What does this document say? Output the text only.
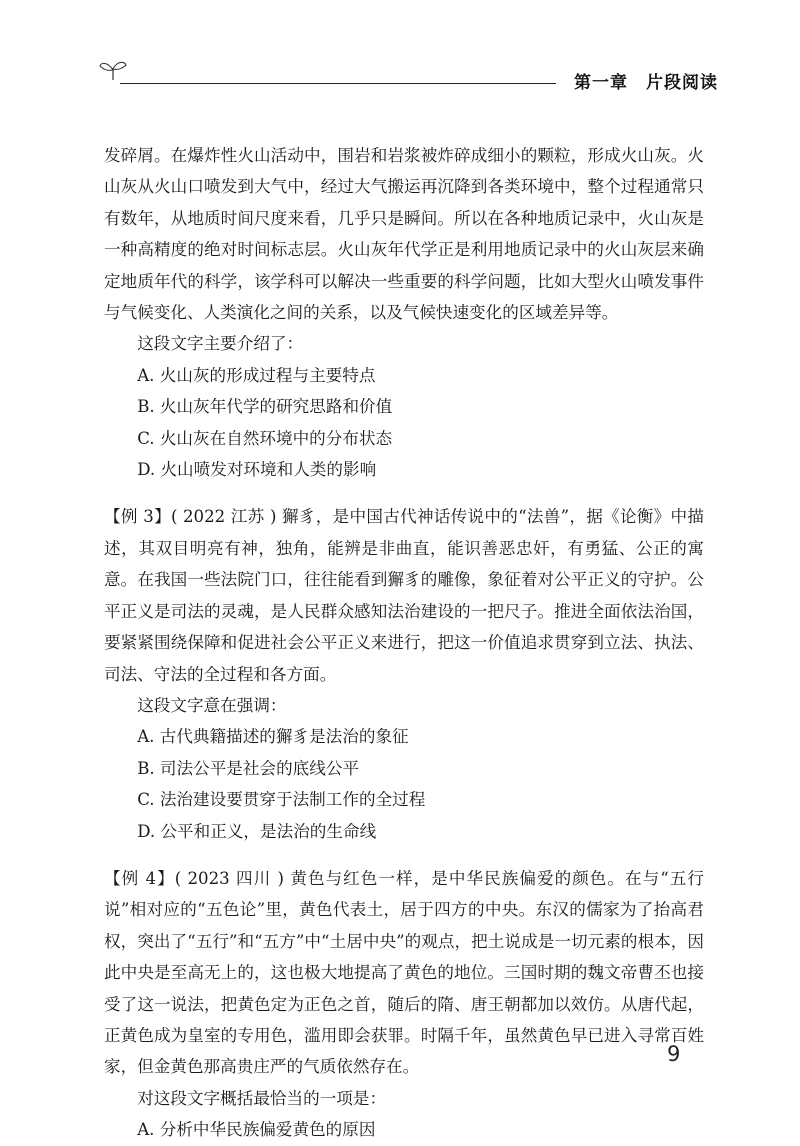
第一章　片段阅读

发碎屑。在爆炸性火山活动中，围岩和岩浆被炸碎成细小的颗粒，形成火山灰。火山灰从火山口喷发到大气中，经过大气搬运再沉降到各类环境中，整个过程通常只有数年，从地质时间尺度来看，几乎只是瞬间。所以在各种地质记录中，火山灰是一种高精度的绝对时间标志层。火山灰年代学正是利用地质记录中的火山灰层来确定地质年代的科学，该学科可以解决一些重要的科学问题，比如大型火山喷发事件与气候变化、人类演化之间的关系，以及气候快速变化的区域差异等。

这段文字主要介绍了：

A. 火山灰的形成过程与主要特点

B. 火山灰年代学的研究思路和价值

C. 火山灰在自然环境中的分布状态

D. 火山喷发对环境和人类的影响

【例 3】( 2022 江苏 ) 獬豸，是中国古代神话传说中的“法兽”，据《论衡》中描述，其双目明亮有神，独角，能辨是非曲直，能识善恶忠奸，有勇猛、公正的寓意。在我国一些法院门口，往往能看到獬豸的雕像，象征着对公平正义的守护。公平正义是司法的灵魂，是人民群众感知法治建设的一把尺子。推进全面依法治国，要紧紧围绕保障和促进社会公平正义来进行，把这一价值追求贯穿到立法、执法、司法、守法的全过程和各方面。

这段文字意在强调：

A. 古代典籍描述的獬豸是法治的象征

B. 司法公平是社会的底线公平

C. 法治建设要贯穿于法制工作的全过程

D. 公平和正义，是法治的生命线

【例 4】( 2023 四川 ) 黄色与红色一样，是中华民族偏爱的颜色。在与“五行说”相对应的“五色论”里，黄色代表土，居于四方的中央。东汉的儒家为了抬高君权，突出了“五行”和“五方”中“土居中央”的观点，把土说成是一切元素的根本，因此中央是至高无上的，这也极大地提高了黄色的地位。三国时期的魏文帝曹丕也接受了这一说法，把黄色定为正色之首，随后的隋、唐王朝都加以效仿。从唐代起，正黄色成为皇室的专用色，滥用即会获罪。时隔千年，虽然黄色早已进入寻常百姓家，但金黄色那高贵庄严的气质依然存在。

对这段文字概括最恰当的一项是：

A. 分析中华民族偏爱黄色的原因

9
